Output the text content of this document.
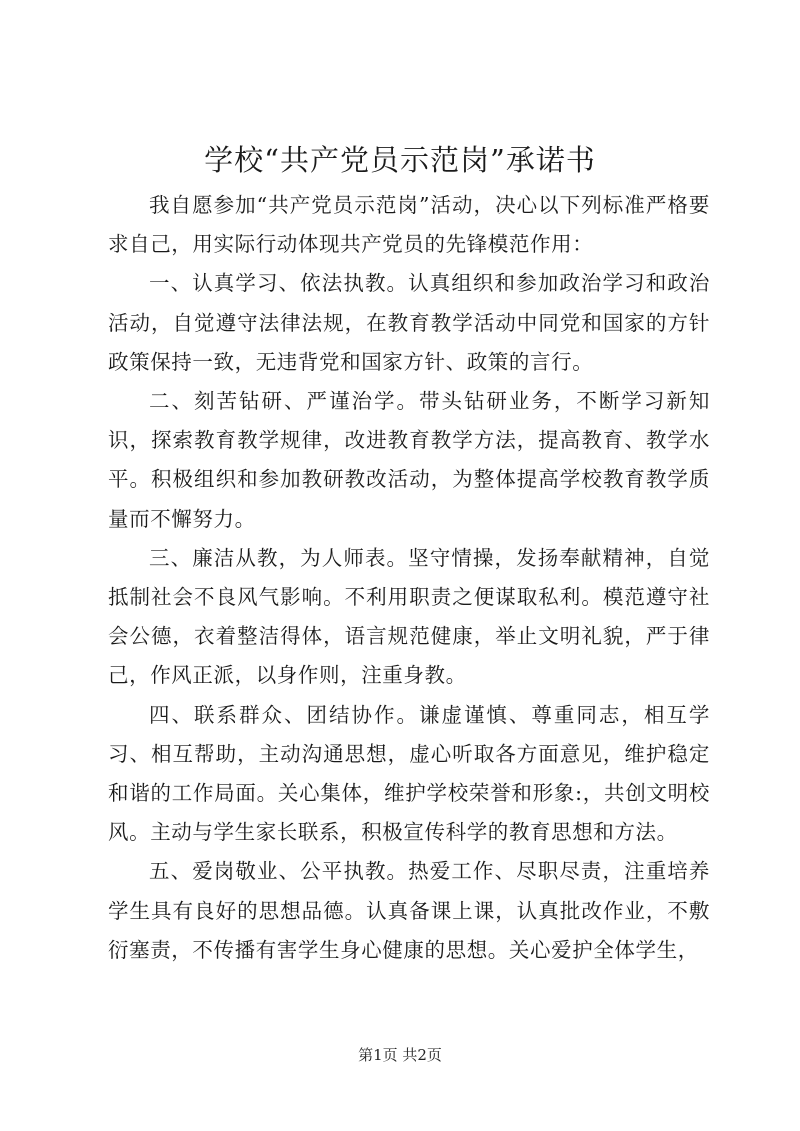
学校“共产党员示范岗”承诺书

我自愿参加“共产党员示范岗”活动，决心以下列标准严格要求自己，用实际行动体现共产党员的先锋模范作用：

一、认真学习、依法执教。认真组织和参加政治学习和政治活动，自觉遵守法律法规，在教育教学活动中同党和国家的方针政策保持一致，无违背党和国家方针、政策的言行。

二、刻苦钻研、严谨治学。带头钻研业务，不断学习新知识，探索教育教学规律，改进教育教学方法，提高教育、教学水平。积极组织和参加教研教改活动，为整体提高学校教育教学质量而不懈努力。

三、廉洁从教，为人师表。坚守情操，发扬奉献精神，自觉抵制社会不良风气影响。不利用职责之便谋取私利。模范遵守社会公德，衣着整洁得体，语言规范健康，举止文明礼貌，严于律己，作风正派，以身作则，注重身教。

四、联系群众、团结协作。谦虚谨慎、尊重同志，相互学习、相互帮助，主动沟通思想，虚心听取各方面意见，维护稳定和谐的工作局面。关心集体，维护学校荣誉和形象:，共创文明校风。主动与学生家长联系，积极宣传科学的教育思想和方法。

五、爱岗敬业、公平执教。热爱工作、尽职尽责，注重培养学生具有良好的思想品德。认真备课上课，认真批改作业，不敷衍塞责，不传播有害学生身心健康的思想。关心爱护全体学生，

第1页 共2页
